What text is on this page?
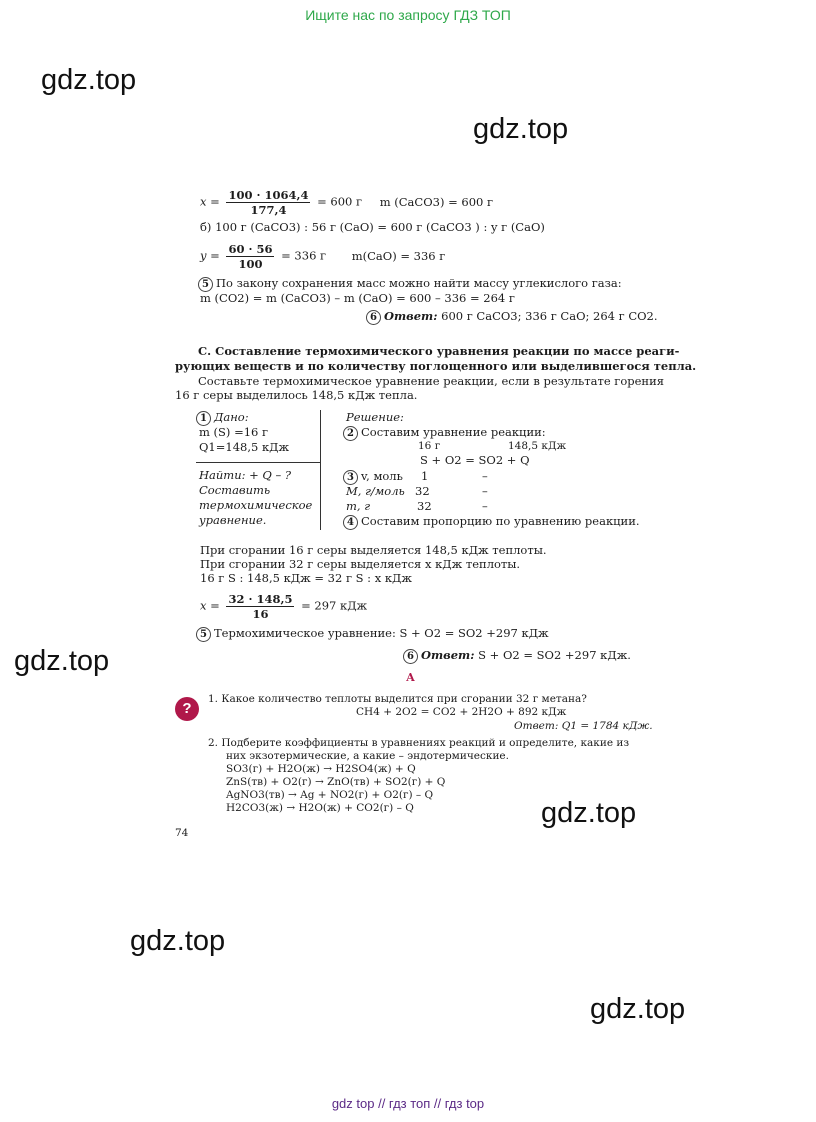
Ищите нас по запросу ГДЗ ТОП
gdz.top
gdz.top
gdz.top
gdz.top
gdz.top
gdz.top
$x = \frac{100 \cdot 1064,4}{177,4} = 600$ г m (CaCO3) = 600 г
б) 100 г (CaCO3) : 56 г (CaO) = 600 г (CaCO3 ) : y г (CaO)
$y = \frac{60 \cdot 56}{100} = 336$ г m(CaO) = 336 г
5 По закону сохранения масс можно найти массу углекислого газа:
m (CO2) = m (CaCO3) – m (CaO) = 600 – 336 = 264 г
6 Ответ: 600 г CaCO3; 336 г CaO; 264 г CO2.
С. Составление термохимического уравнения реакции по массе реаги-
рующих веществ и по количеству поглощенного или выделившегося тепла.
Составьте термохимическое уравнение реакции, если в результате горения
16 г серы выделилось 148,5 кДж тепла.
1 Дано:
m (S) =16 г
Q1=148,5 кДж
Найти: + Q – ?
Составить
термохимическое
уравнение.
Решение:
2 Составим уравнение реакции:
16 г	148,5 кДж
S + O2 = SO2 + Q
3 v, моль 1	–
M, г/моль 32	–
m, г	32	–
4 Составим пропорцию по уравнению реакции.
При сгорании 16 г серы выделяется 148,5 кДж теплоты.
При сгорании 32 г серы выделяется x кДж теплоты.
16 г S : 148,5 кДж = 32 г S : x кДж
$x = \frac{32 \cdot 148,5}{16} = 297$ кДж
5 Термохимическое уравнение: S + O2 = SO2 +297 кДж
6 Ответ: S + O2 = SO2 +297 кДж.
А
?
1. Какое количество теплоты выделится при сгорании 32 г метана?
CH4 + 2O2 = CO2 + 2H2O + 892 кДж
Ответ: Q1 = 1784 кДж.
2. Подберите коэффициенты в уравнениях реакций и определите, какие из
них экзотермические, а какие – эндотермические.
SO3(г) + H2O(ж) → H2SO4(ж) + Q
ZnS(тв) + O2(г) → ZnO(тв) + SO2(г) + Q
AgNO3(тв) → Ag + NO2(г) + O2(г) – Q
H2CO3(ж) → H2O(ж) + CO2(г) – Q
74
gdz top // гдз топ // гдз top
